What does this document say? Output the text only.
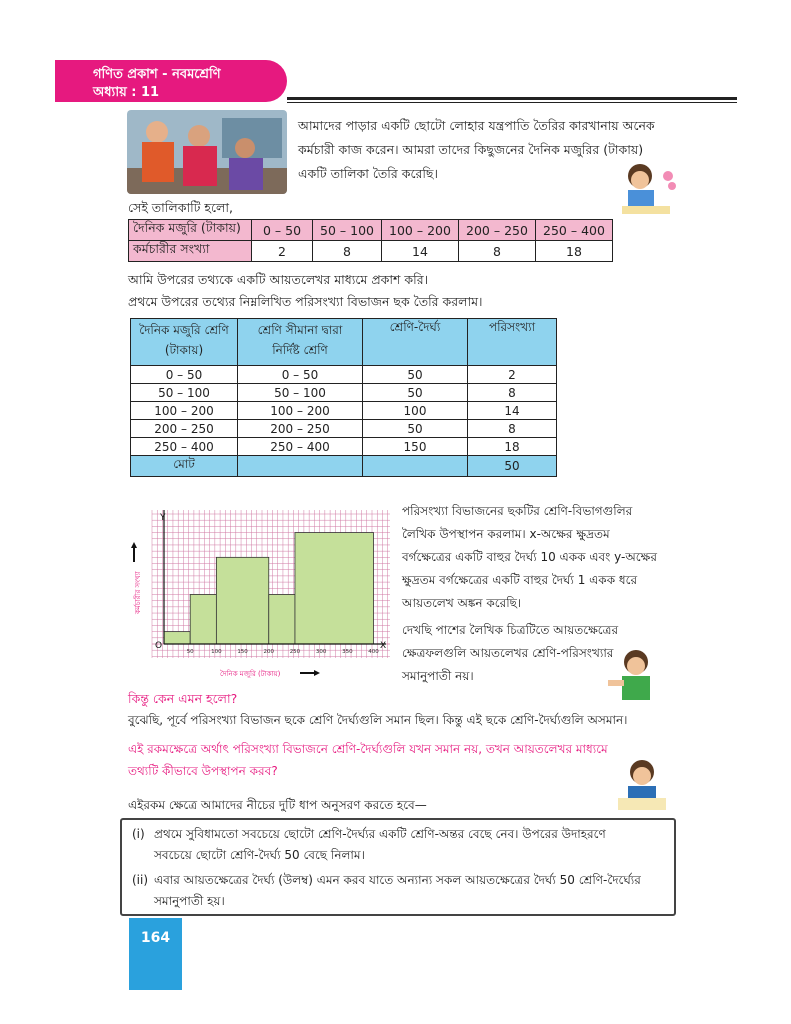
গণিত প্রকাশ - নবমশ্রেণি
অধ্যায় : 11
আমাদের পাড়ার একটি ছোটো লোহার যন্ত্রপাতি তৈরির কারখানায় অনেক
কর্মচারী কাজ করেন। আমরা তাদের কিছুজনের দৈনিক মজুরির (টাকায়)
একটি তালিকা তৈরি করেছি।
সেই তালিকাটি হলো,
দৈনিক মজুরি (টাকায়)	0 – 50	50 – 100	100 – 200	200 – 250	250 – 400
কর্মচারীর সংখ্যা	2	8	14	8	18
আমি উপরের তথ্যকে একটি আয়তলেখর মাধ্যমে প্রকাশ করি।
প্রথমে উপরের তথ্যের নিম্নলিখিত পরিসংখ্যা বিভাজন ছক তৈরি করলাম।
দৈনিক মজুরি শ্রেণি (টাকায়)	শ্রেণি সীমানা দ্বারা নির্দিষ্ট শ্রেণি	শ্রেণি-দৈর্ঘ্য	পরিসংখ্যা
0 – 50	0 – 50	50	2
50 – 100	50 – 100	50	8
100 – 200	100 – 200	100	14
200 – 250	200 – 250	50	8
250 – 400	250 – 400	150	18
মোট			50
50	100	150	200	250	300	350	400
O	X
Y
দৈনিক মজুরি (টাকায়)
কর্মচারীর সংখ্যা
পরিসংখ্যা বিভাজনের ছকটির শ্রেণি-বিভাগগুলির
লৈখিক উপস্থাপন করলাম। x-অক্ষের ক্ষুদ্রতম
বর্গক্ষেত্রের একটি বাহুর দৈর্ঘ্য 10 একক এবং y-অক্ষের
ক্ষুদ্রতম বর্গক্ষেত্রের একটি বাহুর দৈর্ঘ্য 1 একক ধরে
আয়তলেখ অঙ্কন করেছি।
দেখছি পাশের লৈখিক চিত্রটিতে আয়তক্ষেত্রের
ক্ষেত্রফলগুলি আয়তলেখর শ্রেণি-পরিসংখ্যার
সমানুপাতী নয়।
কিন্তু কেন এমন হলো?
বুঝেছি, পূর্বে পরিসংখ্যা বিভাজন ছকে শ্রেণি দৈর্ঘ্যগুলি সমান ছিল। কিন্তু এই ছকে শ্রেণি-দৈর্ঘ্যগুলি অসমান।
এই রকমক্ষেত্রে অর্থাৎ পরিসংখ্যা বিভাজনে শ্রেণি-দৈর্ঘ্যগুলি যখন সমান নয়, তখন আয়তলেখর মাধ্যমে
তথ্যটি কীভাবে উপস্থাপন করব?
এইরকম ক্ষেত্রে আমাদের নীচের দুটি ধাপ অনুসরণ করতে হবে—
(i) প্রথমে সুবিধামতো সবচেয়ে ছোটো শ্রেণি-দৈর্ঘ্যর একটি শ্রেণি-অন্তর বেছে নেব। উপরের উদাহরণে
সবচেয়ে ছোটো শ্রেণি-দৈর্ঘ্য 50 বেছে নিলাম।
(ii) এবার আয়তক্ষেত্রের দৈর্ঘ্য (উলম্ব) এমন করব যাতে অন্যান্য সকল আয়তক্ষেত্রের দৈর্ঘ্য 50 শ্রেণি-দৈর্ঘ্যের
সমানুপাতী হয়।
164
